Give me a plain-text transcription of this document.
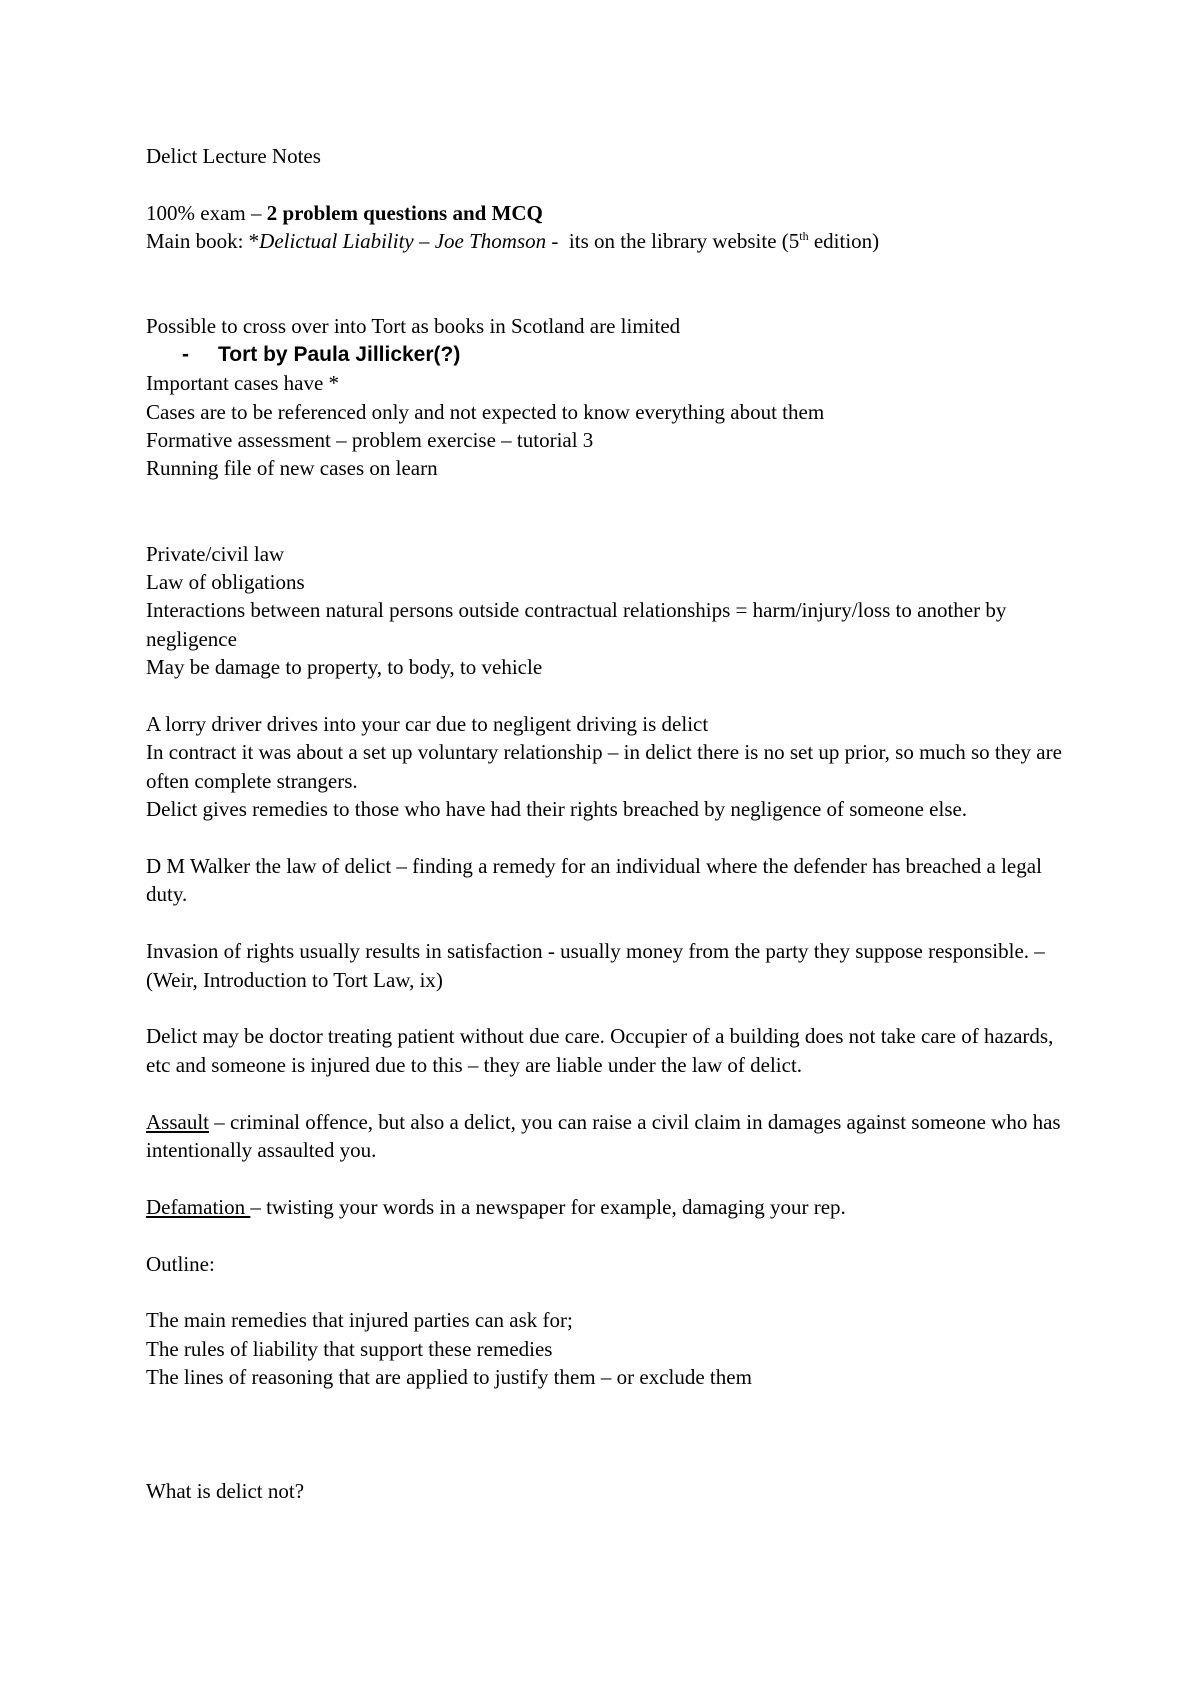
Delict Lecture Notes
100% exam – 2 problem questions and MCQ
Main book: *Delictual Liability – Joe Thomson -  its on the library website (5th edition)
Possible to cross over into Tort as books in Scotland are limited
- Tort by Paula Jillicker(?)
Important cases have *
Cases are to be referenced only and not expected to know everything about them
Formative assessment – problem exercise – tutorial 3
Running file of new cases on learn
Private/civil law
Law of obligations
Interactions between natural persons outside contractual relationships = harm/injury/loss to another by negligence
May be damage to property, to body, to vehicle
A lorry driver drives into your car due to negligent driving is delict
In contract it was about a set up voluntary relationship – in delict there is no set up prior, so much so they are often complete strangers.
Delict gives remedies to those who have had their rights breached by negligence of someone else.
D M Walker the law of delict – finding a remedy for an individual where the defender has breached a legal duty.
Invasion of rights usually results in satisfaction - usually money from the party they suppose responsible. – (Weir, Introduction to Tort Law, ix)
Delict may be doctor treating patient without due care. Occupier of a building does not take care of hazards, etc and someone is injured due to this – they are liable under the law of delict.
Assault – criminal offence, but also a delict, you can raise a civil claim in damages against someone who has intentionally assaulted you.
Defamation – twisting your words in a newspaper for example, damaging your rep.
Outline:
The main remedies that injured parties can ask for;
The rules of liability that support these remedies
The lines of reasoning that are applied to justify them – or exclude them
What is delict not?
